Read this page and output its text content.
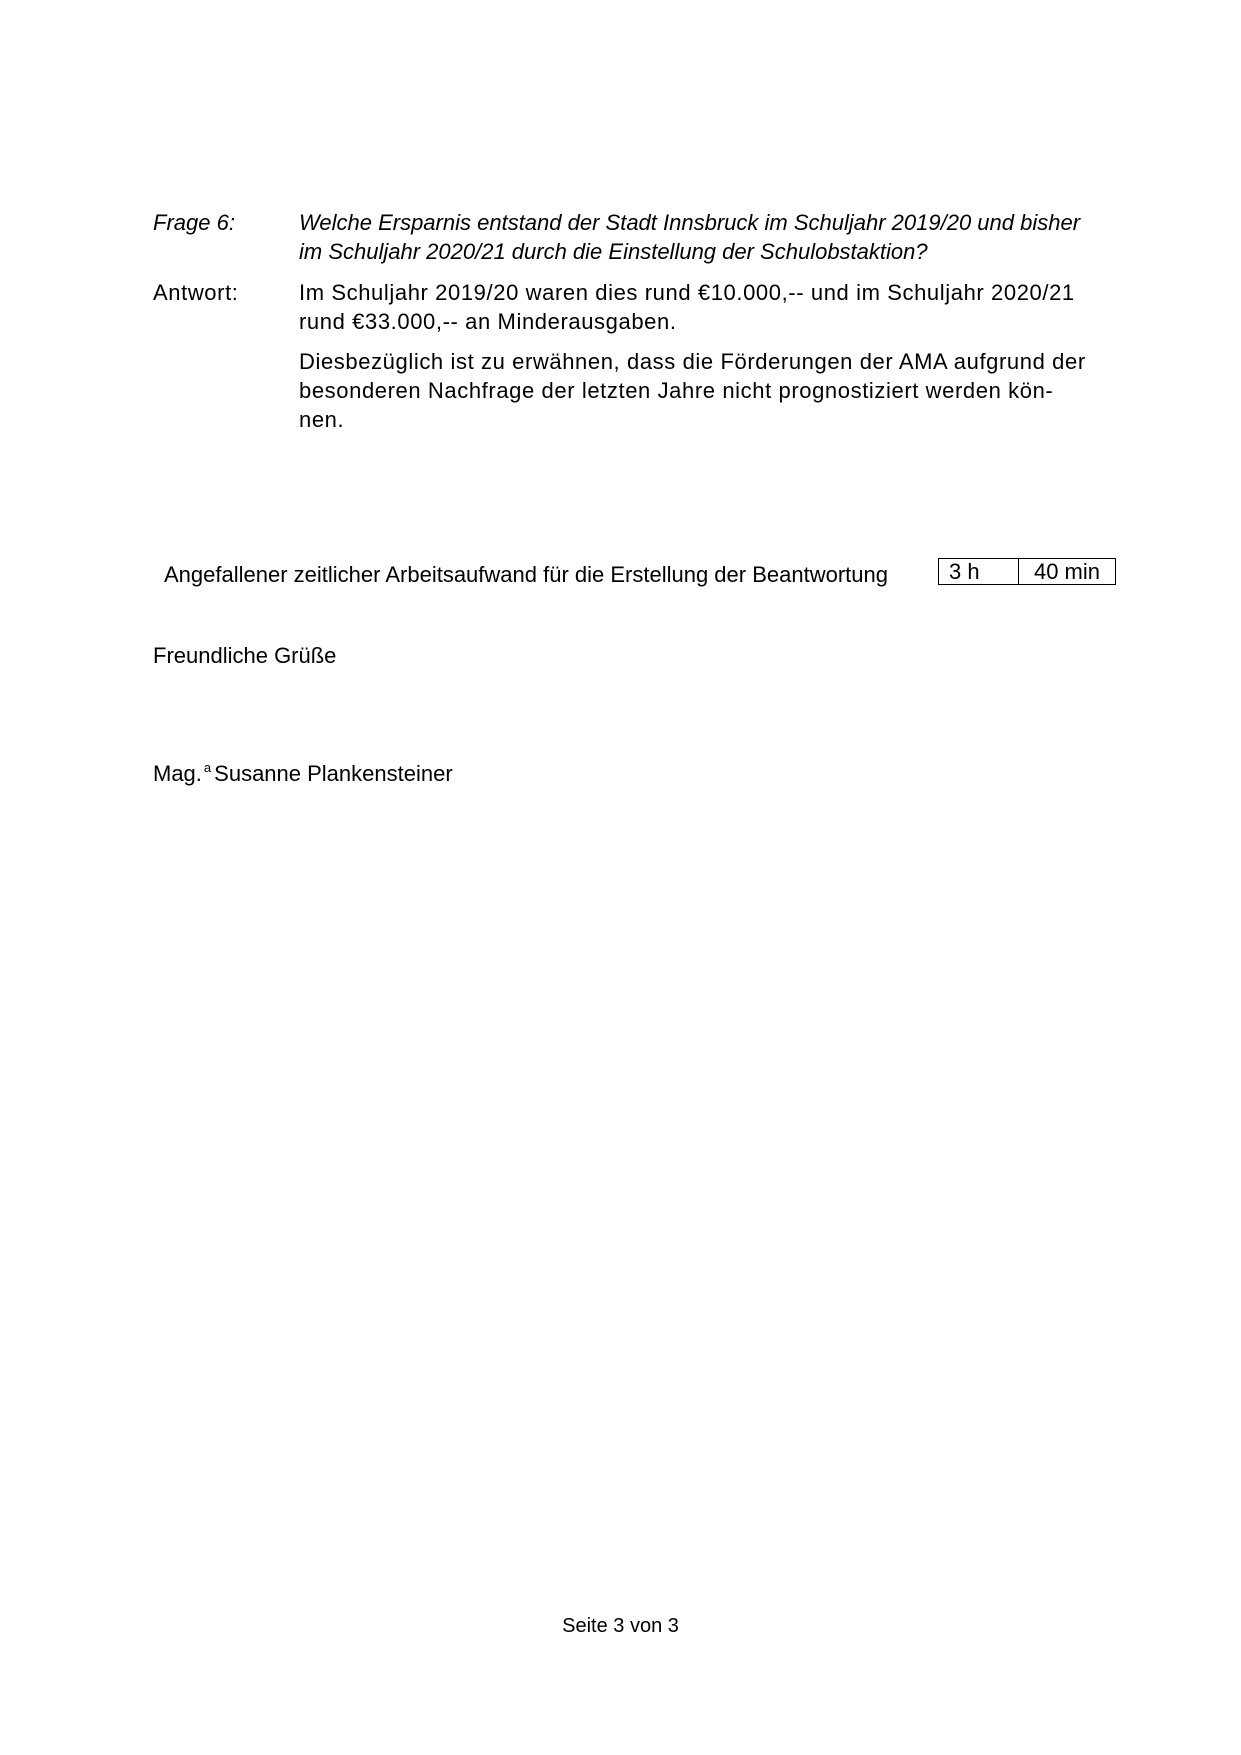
Frage 6:	Welche Ersparnis entstand der Stadt Innsbruck im Schuljahr 2019/20 und bisher
im Schuljahr 2020/21 durch die Einstellung der Schulobstaktion?
Antwort:	Im Schuljahr 2019/20 waren dies rund €10.000,-- und im Schuljahr 2020/21
rund €33.000,-- an Minderausgaben.
Diesbezüglich ist zu erwähnen, dass die Förderungen der AMA aufgrund der
besonderen Nachfrage der letzten Jahre nicht prognostiziert werden kön-
nen.
Angefallener zeitlicher Arbeitsaufwand für die Erstellung der Beantwortung	3 h	40 min
Freundliche Grüße
Mag. $^a$ Susanne Plankensteiner
Seite 3 von 3
